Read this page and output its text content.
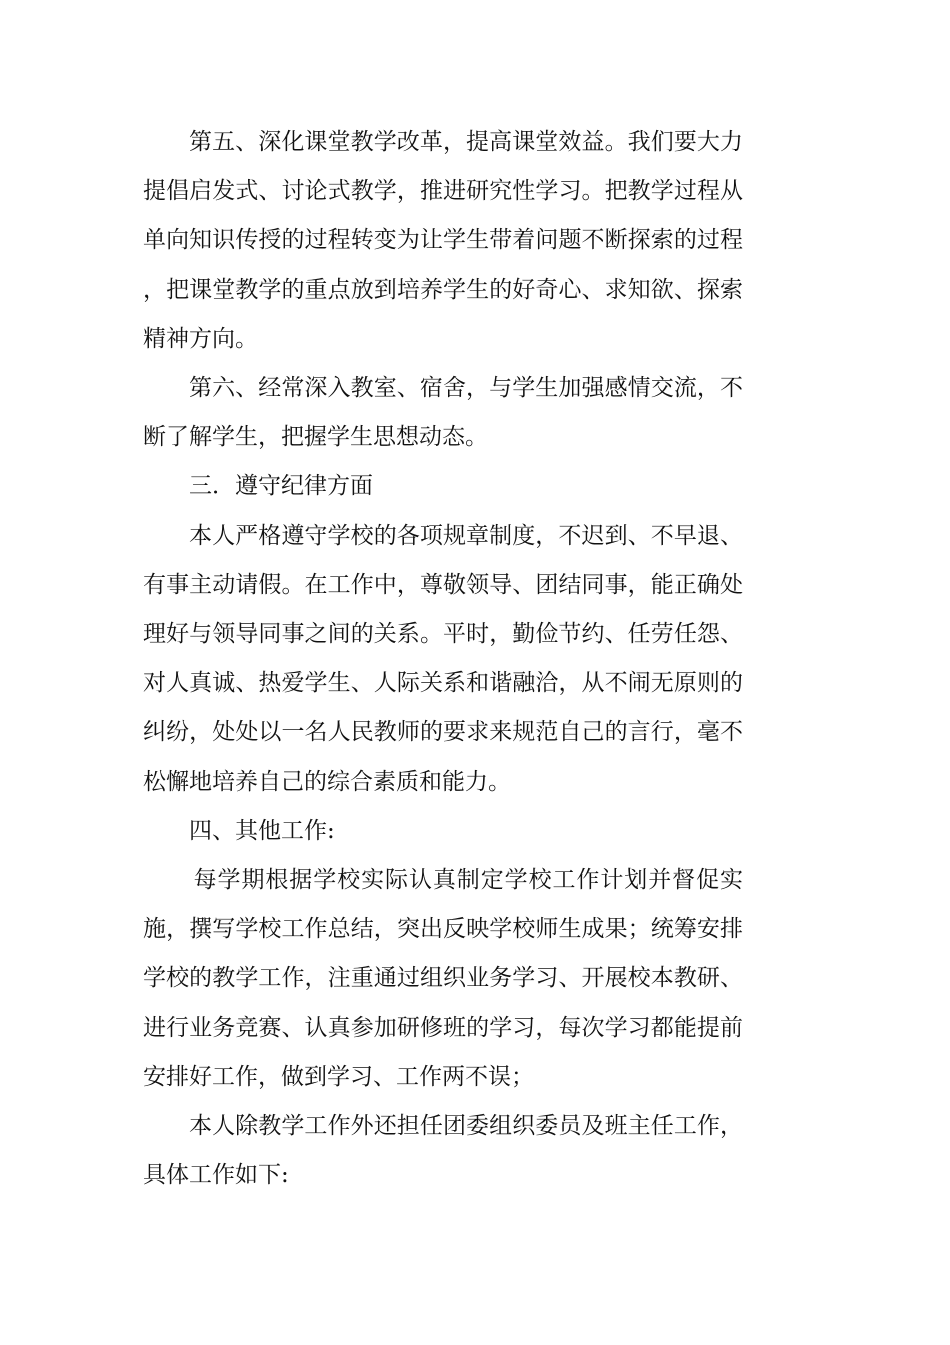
第五、深化课堂教学改革，提高课堂效益。我们要大力提倡启发式、讨论式教学，推进研究性学习。把教学过程从单向知识传授的过程转变为让学生带着问题不断探索的过程，把课堂教学的重点放到培养学生的好奇心、求知欲、探索精神方向。

第六、经常深入教室、宿舍，与学生加强感情交流，不断了解学生，把握学生思想动态。

三．遵守纪律方面

本人严格遵守学校的各项规章制度，不迟到、不早退、有事主动请假。在工作中，尊敬领导、团结同事，能正确处理好与领导同事之间的关系。平时，勤俭节约、任劳任怨、对人真诚、热爱学生、人际关系和谐融洽，从不闹无原则的纠纷，处处以一名人民教师的要求来规范自己的言行，毫不松懈地培养自己的综合素质和能力。

四、其他工作:

每学期根据学校实际认真制定学校工作计划并督促实施，撰写学校工作总结，突出反映学校师生成果；统筹安排学校的教学工作，注重通过组织业务学习、开展校本教研、进行业务竞赛、认真参加研修班的学习，每次学习都能提前安排好工作，做到学习、工作两不误；

本人除教学工作外还担任团委组织委员及班主任工作，具体工作如下:
